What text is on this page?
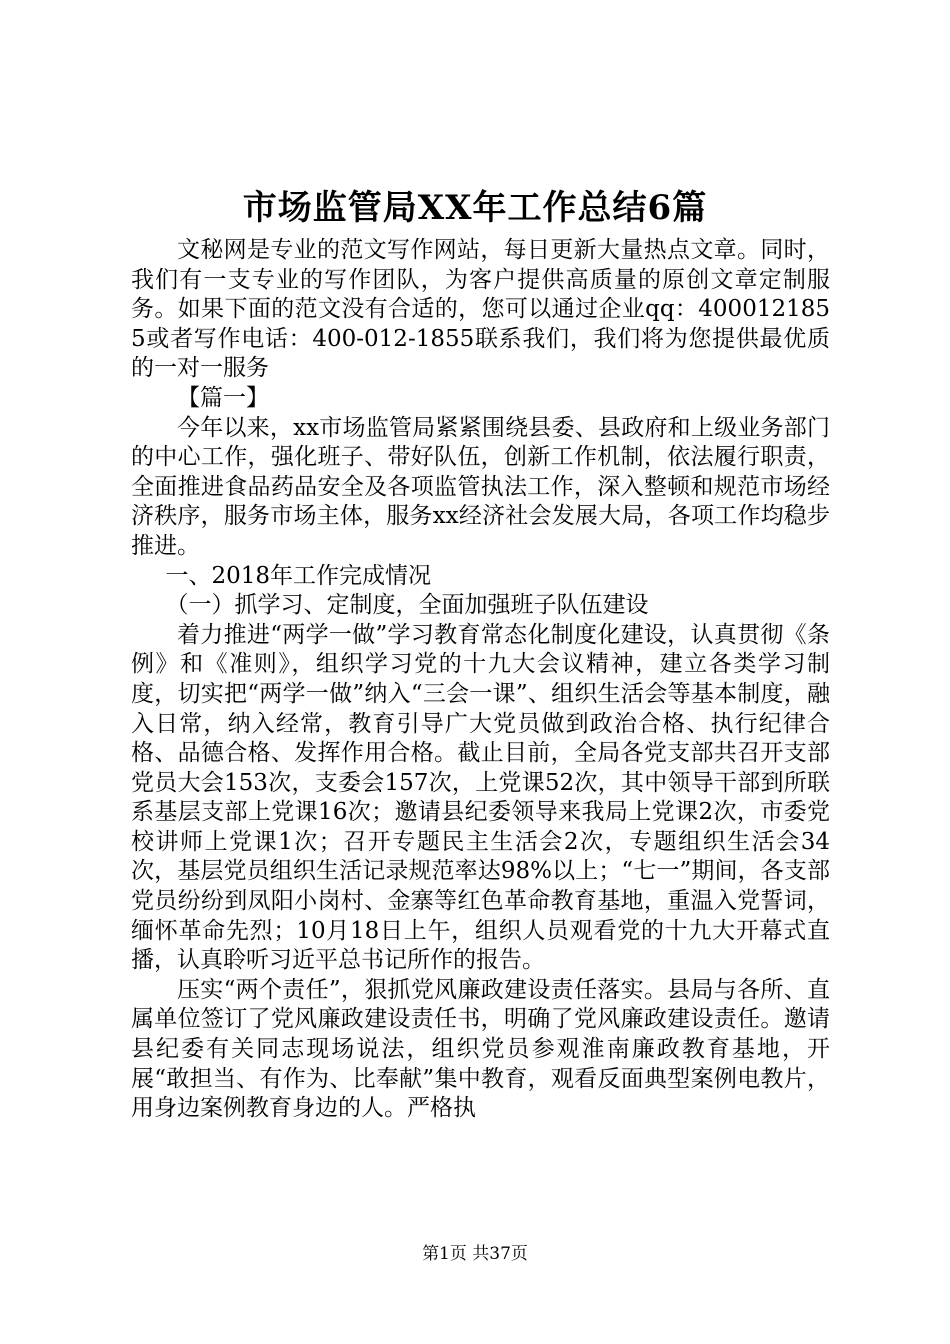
市场监管局XX年工作总结6篇

文秘网是专业的范文写作网站，每日更新大量热点文章。同时，我们有一支专业的写作团队，为客户提供高质量的原创文章定制服务。如果下面的范文没有合适的，您可以通过企业qq：4000121855或者写作电话：400-012-1855联系我们，我们将为您提供最优质的一对一服务

【篇一】

今年以来，xx市场监管局紧紧围绕县委、县政府和上级业务部门的中心工作，强化班子、带好队伍，创新工作机制，依法履行职责，全面推进食品药品安全及各项监管执法工作，深入整顿和规范市场经济秩序，服务市场主体，服务xx经济社会发展大局，各项工作均稳步推进。

一、2018年工作完成情况

（一）抓学习、定制度，全面加强班子队伍建设

着力推进“两学一做”学习教育常态化制度化建设，认真贯彻《条例》和《准则》，组织学习党的十九大会议精神，建立各类学习制度，切实把“两学一做”纳入“三会一课”、组织生活会等基本制度，融入日常，纳入经常，教育引导广大党员做到政治合格、执行纪律合格、品德合格、发挥作用合格。截止目前，全局各党支部共召开支部党员大会153次，支委会157次，上党课52次，其中领导干部到所联系基层支部上党课16次；邀请县纪委领导来我局上党课2次，市委党校讲师上党课1次；召开专题民主生活会2次，专题组织生活会34次，基层党员组织生活记录规范率达98%以上；“七一”期间，各支部党员纷纷到凤阳小岗村、金寨等红色革命教育基地，重温入党誓词，缅怀革命先烈；10月18日上午，组织人员观看党的十九大开幕式直播，认真聆听习近平总书记所作的报告。

压实“两个责任”，狠抓党风廉政建设责任落实。县局与各所、直属单位签订了党风廉政建设责任书，明确了党风廉政建设责任。邀请县纪委有关同志现场说法，组织党员参观淮南廉政教育基地，开展“敢担当、有作为、比奉献”集中教育，观看反面典型案例电教片，用身边案例教育身边的人。严格执

第1页 共37页
